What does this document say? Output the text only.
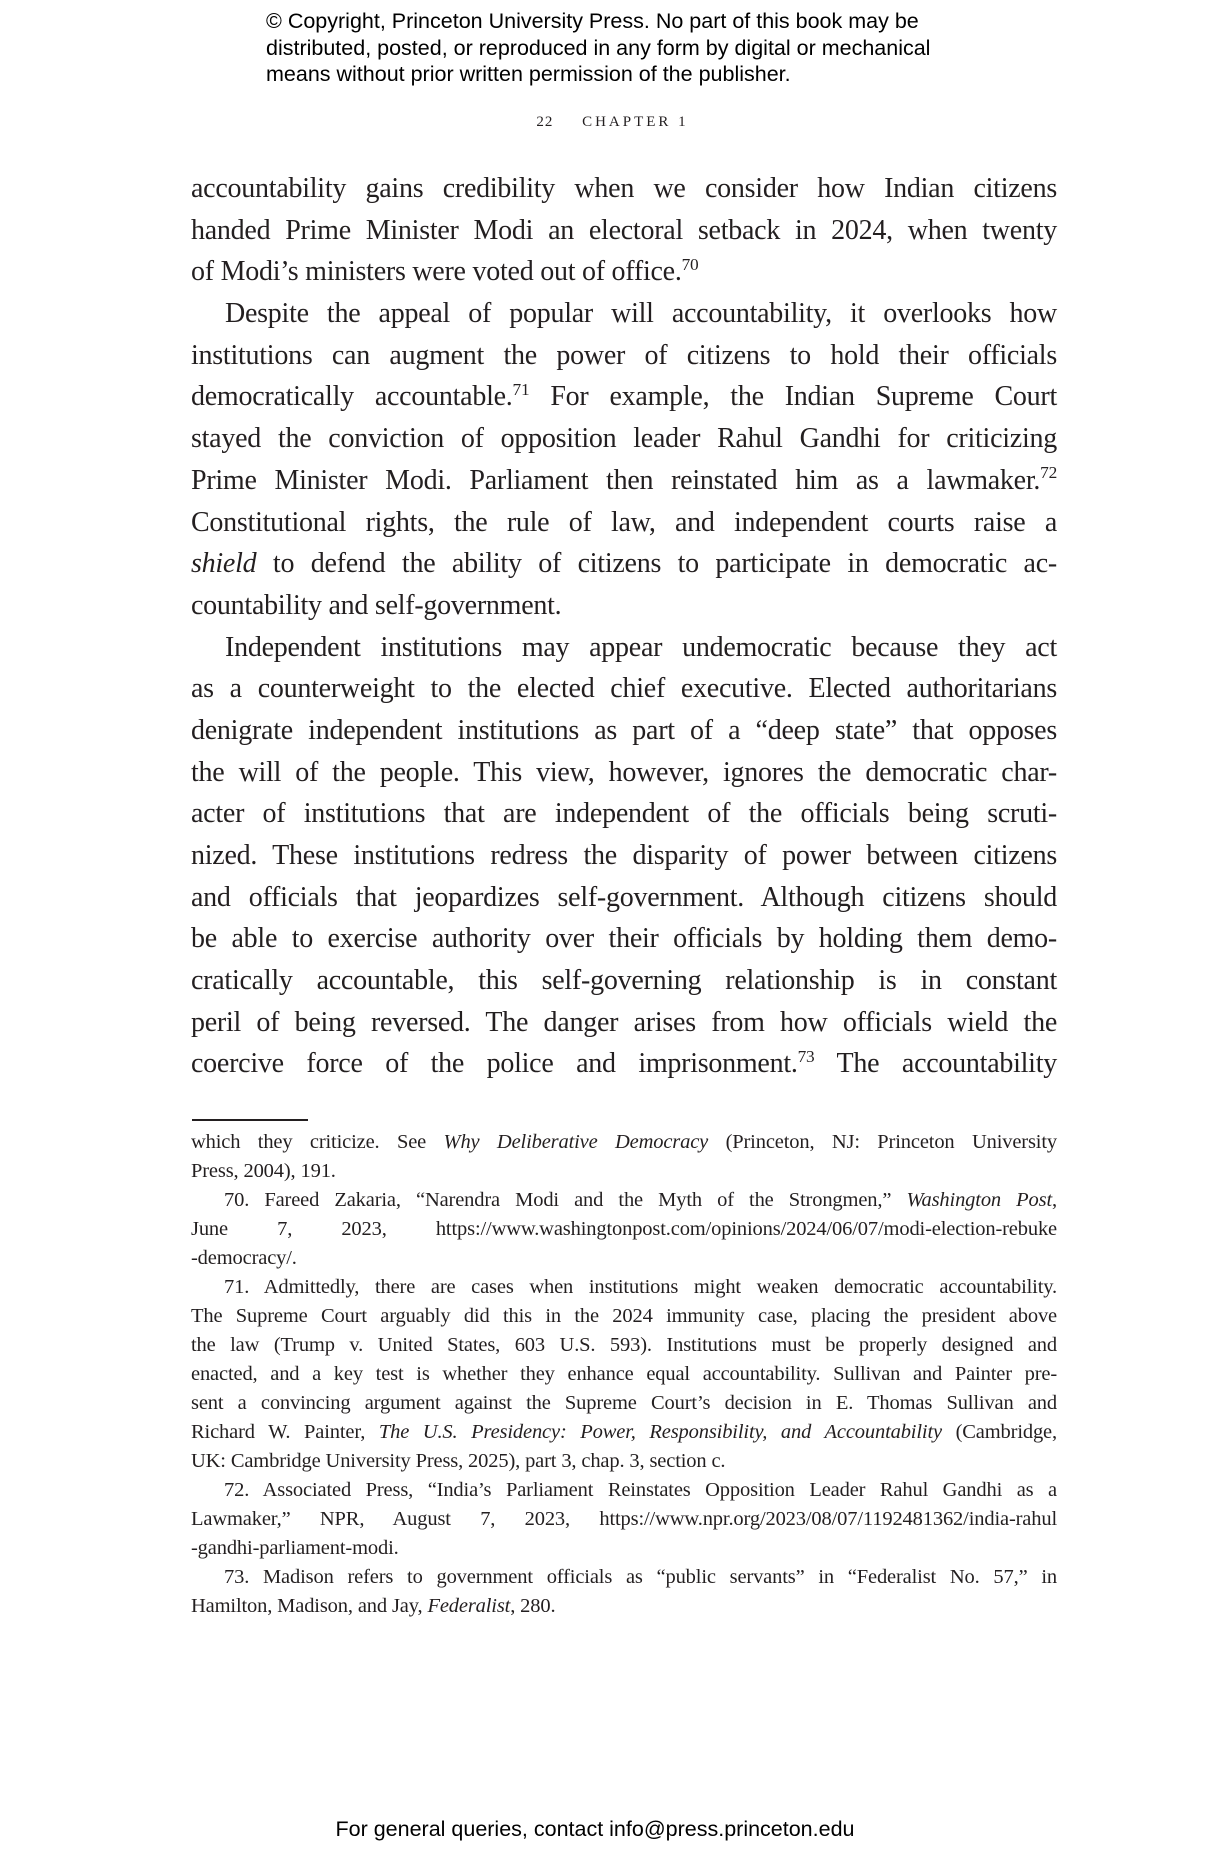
© Copyright, Princeton University Press. No part of this book may be
distributed, posted, or reproduced in any form by digital or mechanical
means without prior written permission of the publisher.
22 CHAPTER 1
accountability gains credibility when we consider how Indian citizens
handed Prime Minister Modi an electoral setback in 2024, when twenty
of Modi’s ministers were voted out of office.$^{70}$
Despite the appeal of popular will accountability, it overlooks how
institutions can augment the power of citizens to hold their officials
democratically accountable.$^{71}$ For example, the Indian Supreme Court
stayed the conviction of opposition leader Rahul Gandhi for criticizing
Prime Minister Modi. Parliament then reinstated him as a lawmaker.$^{72}$
Constitutional rights, the rule of law, and independent courts raise a
shield to defend the ability of citizens to participate in democratic ac-
countability and self-government.
Independent institutions may appear undemocratic because they act
as a counterweight to the elected chief executive. Elected authoritarians
denigrate independent institutions as part of a “deep state” that opposes
the will of the people. This view, however, ignores the democratic char-
acter of institutions that are independent of the officials being scruti-
nized. These institutions redress the disparity of power between citizens
and officials that jeopardizes self-government. Although citizens should
be able to exercise authority over their officials by holding them demo-
cratically accountable, this self-governing relationship is in constant
peril of being reversed. The danger arises from how officials wield the
coercive force of the police and imprisonment.$^{73}$ The accountability
which they criticize. See Why Deliberative Democracy (Princeton, NJ: Princeton University
Press, 2004), 191.
70. Fareed Zakaria, “Narendra Modi and the Myth of the Strongmen,” Washington Post,
June 7, 2023, https://www.washingtonpost.com/opinions/2024/06/07/modi-election-rebuke
-democracy/.
71. Admittedly, there are cases when institutions might weaken democratic accountability.
The Supreme Court arguably did this in the 2024 immunity case, placing the president above
the law (Trump v. United States, 603 U.S. 593). Institutions must be properly designed and
enacted, and a key test is whether they enhance equal accountability. Sullivan and Painter pre-
sent a convincing argument against the Supreme Court’s decision in E. Thomas Sullivan and
Richard W. Painter, The U.S. Presidency: Power, Responsibility, and Accountability (Cambridge,
UK: Cambridge University Press, 2025), part 3, chap. 3, section c.
72. Associated Press, “India’s Parliament Reinstates Opposition Leader Rahul Gandhi as a
Lawmaker,” NPR, August 7, 2023, https://www.npr.org/2023/08/07/1192481362/india-rahul
-gandhi-parliament-modi.
73. Madison refers to government officials as “public servants” in “Federalist No. 57,” in
Hamilton, Madison, and Jay, Federalist, 280.
For general queries, contact info@press.princeton.edu
